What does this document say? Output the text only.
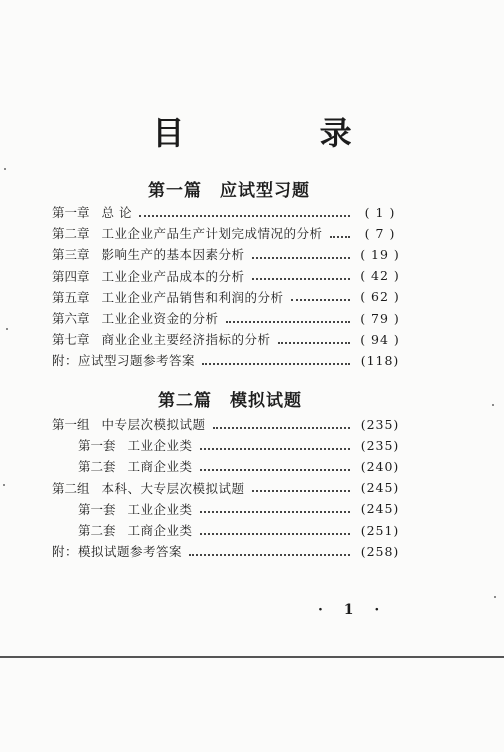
目 录
第一篇 应试型习题
第二篇 模拟试题
第一章 总 论	( 1 )
第二章 工业企业产品生产计划完成情况的分析	( 7 )
第三章 影响生产的基本因素分析	( 19 )
第四章 工业企业产品成本的分析	( 42 )
第五章 工业企业产品销售和利润的分析	( 62 )
第六章 工业企业资金的分析	( 79 )
第七章 商业企业主要经济指标的分析	( 94 )
附：应试型习题参考答案	(118)
第一组 中专层次模拟试题	(235)
第一套 工业企业类	(235)
第二套 工商企业类	(240)
第二组 本科、大专层次模拟试题	(245)
第一套 工业企业类	(245)
第二套 工商企业类	(251)
附：模拟试题参考答案	(258)
· 1 ·
